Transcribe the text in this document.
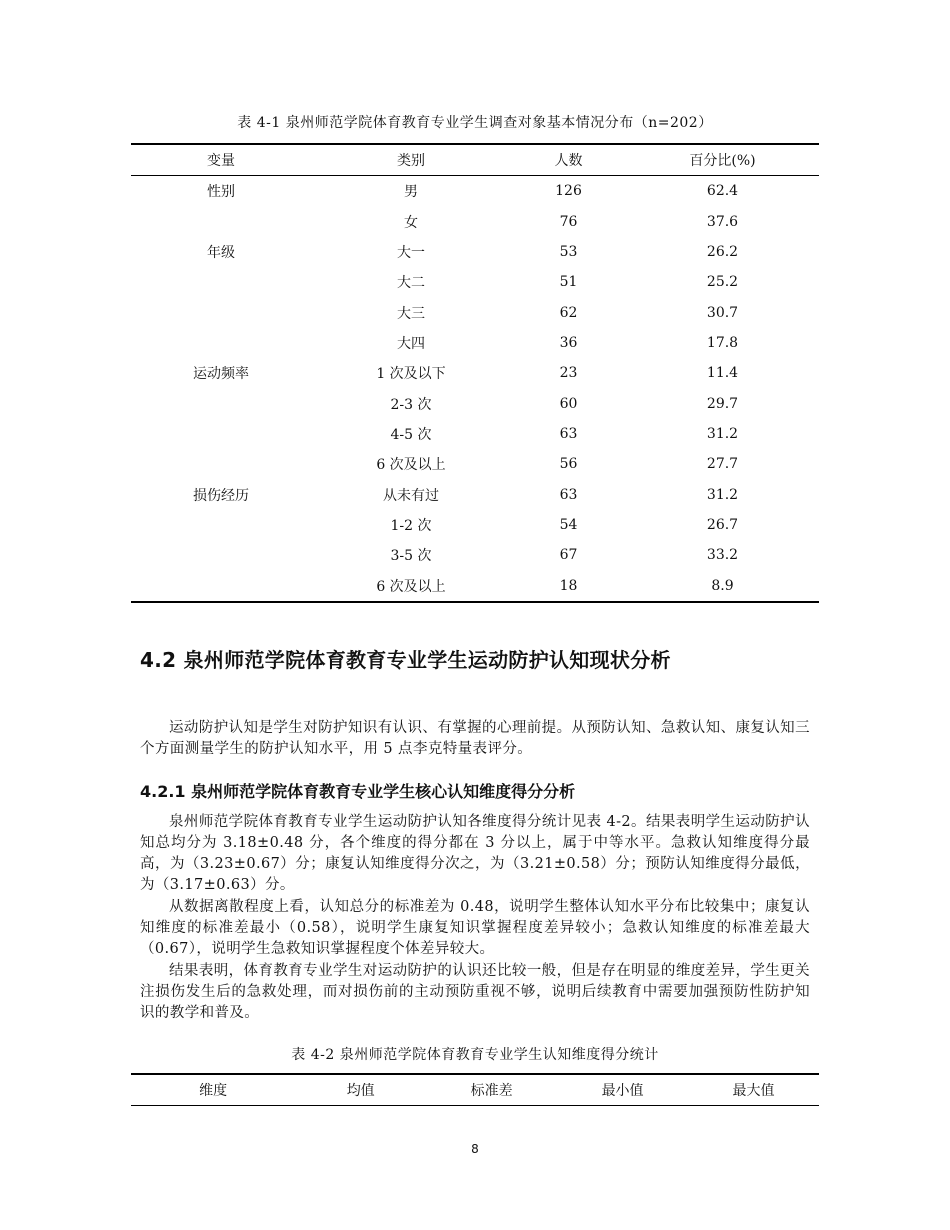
表 4-1 泉州师范学院体育教育专业学生调查对象基本情况分布（n=202）
变量	类别	人数	百分比(%)
性别	男	126	62.4
	女	76	37.6
年级	大一	53	26.2
	大二	51	25.2
	大三	62	30.7
	大四	36	17.8
运动频率	1 次及以下	23	11.4
	2-3 次	60	29.7
	4-5 次	63	31.2
	6 次及以上	56	27.7
损伤经历	从未有过	63	31.2
	1-2 次	54	26.7
	3-5 次	67	33.2
	6 次及以上	18	8.9
4.2 泉州师范学院体育教育专业学生运动防护认知现状分析

运动防护认知是学生对防护知识有认识、有掌握的心理前提。从预防认知、急救认知、康复认知三个方面测量学生的防护认知水平，用 5 点李克特量表评分。

4.2.1 泉州师范学院体育教育专业学生核心认知维度得分分析

泉州师范学院体育教育专业学生运动防护认知各维度得分统计见表 4-2。结果表明学生运动防护认知总均分为 3.18±0.48 分，各个维度的得分都在 3 分以上，属于中等水平。急救认知维度得分最高，为（3.23±0.67）分；康复认知维度得分次之，为（3.21±0.58）分；预防认知维度得分最低，为（3.17±0.63）分。

从数据离散程度上看，认知总分的标准差为 0.48，说明学生整体认知水平分布比较集中；康复认知维度的标准差最小（0.58），说明学生康复知识掌握程度差异较小；急救认知维度的标准差最大（0.67），说明学生急救知识掌握程度个体差异较大。

结果表明，体育教育专业学生对运动防护的认识还比较一般，但是存在明显的维度差异，学生更关注损伤发生后的急救处理，而对损伤前的主动预防重视不够，说明后续教育中需要加强预防性防护知识的教学和普及。

表 4-2 泉州师范学院体育教育专业学生认知维度得分统计
维度	均值	标准差	最小值	最大值
8
